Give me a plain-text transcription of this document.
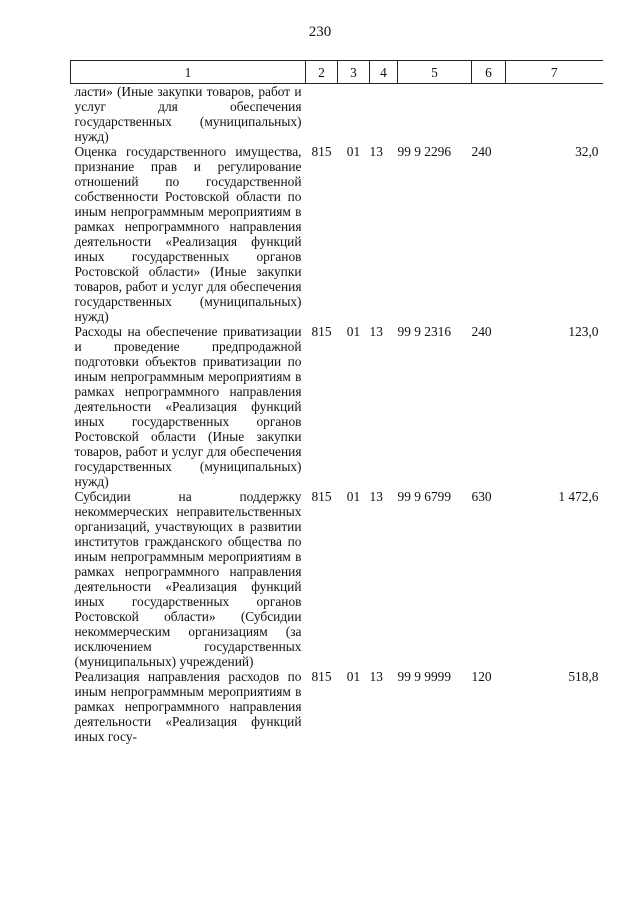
230
1	2	3	4	5	6	7
ласти» (Иные закупки товаров, работ и услуг для обеспечения государственных (муниципальных) нужд)						
Оценка государственного имущества, признание прав и регулирование отношений по государственной собственности Ростовской области по иным непрограммным мероприятиям в рамках непрограммного направления деятельности «Реализация функций иных государственных органов Ростовской области» (Иные закупки товаров, работ и услуг для обеспечения государственных (муниципальных) нужд)	815	01	13	99 9 2296	240	32,0
Расходы на обеспечение приватизации и проведение предпродажной подготовки объектов приватизации по иным непрограммным мероприятиям в рамках непрограммного направления деятельности «Реализация функций иных государственных органов Ростовской области (Иные закупки товаров, работ и услуг для обеспечения государственных (муниципальных) нужд)	815	01	13	99 9 2316	240	123,0
Субсидии на поддержку некоммерческих неправительственных организаций, участвующих в развитии институтов гражданского общества по иным непрограммным мероприятиям в рамках непрограммного направления деятельности «Реализация функций иных государственных органов Ростовской области» (Субсидии некоммерческим организациям (за исключением государственных (муниципальных) учреждений)	815	01	13	99 9 6799	630	1 472,6
Реализация направления расходов по иным непрограммным мероприятиям в рамках непрограммного направления деятельности «Реализация функций иных госу-	815	01	13	99 9 9999	120	518,8
